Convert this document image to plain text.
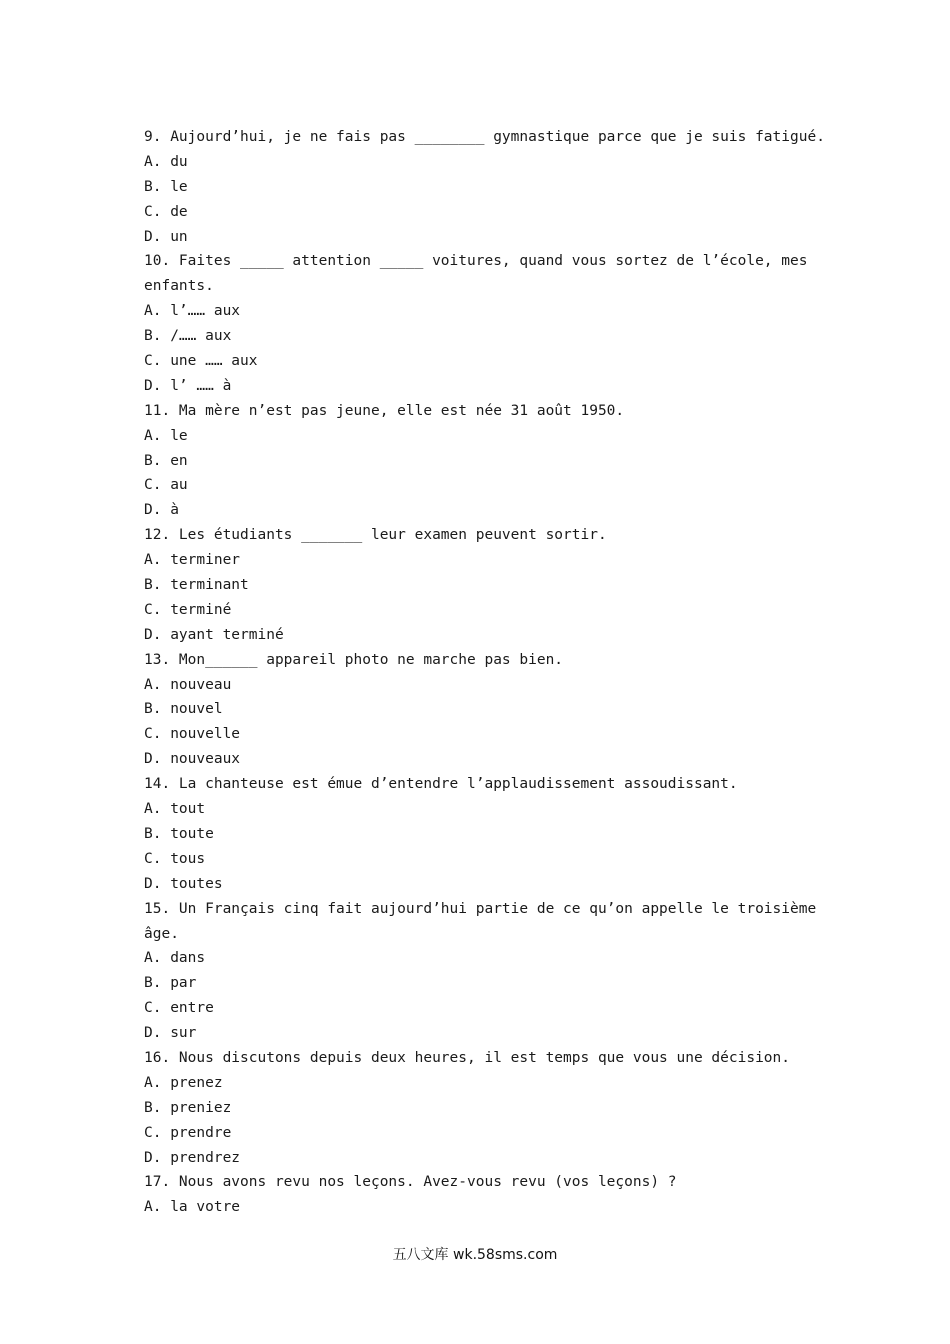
9. Aujourd’hui, je ne fais pas ________ gymnastique parce que je suis fatigué.
A. du
B. le
C. de
D. un
10. Faites _____ attention _____ voitures, quand vous sortez de l’école, mes
enfants.
A. l’…… aux
B. /…… aux
C. une …… aux
D. l’ …… à
11. Ma mère n’est pas jeune, elle est née 31 août 1950.
A. le
B. en
C. au
D. à
12. Les étudiants _______ leur examen peuvent sortir.
A. terminer
B. terminant
C. terminé
D. ayant terminé
13. Mon______ appareil photo ne marche pas bien.
A. nouveau
B. nouvel
C. nouvelle
D. nouveaux
14. La chanteuse est émue d’entendre l’applaudissement assoudissant.
A. tout
B. toute
C. tous
D. toutes
15. Un Français cinq fait aujourd’hui partie de ce qu’on appelle le troisième
âge.
A. dans
B. par
C. entre
D. sur
16. Nous discutons depuis deux heures, il est temps que vous une décision.
A. prenez
B. preniez
C. prendre
D. prendrez
17. Nous avons revu nos leçons. Avez-vous revu (vos leçons) ?
A. la votre
五八文库 wk.58sms.com
